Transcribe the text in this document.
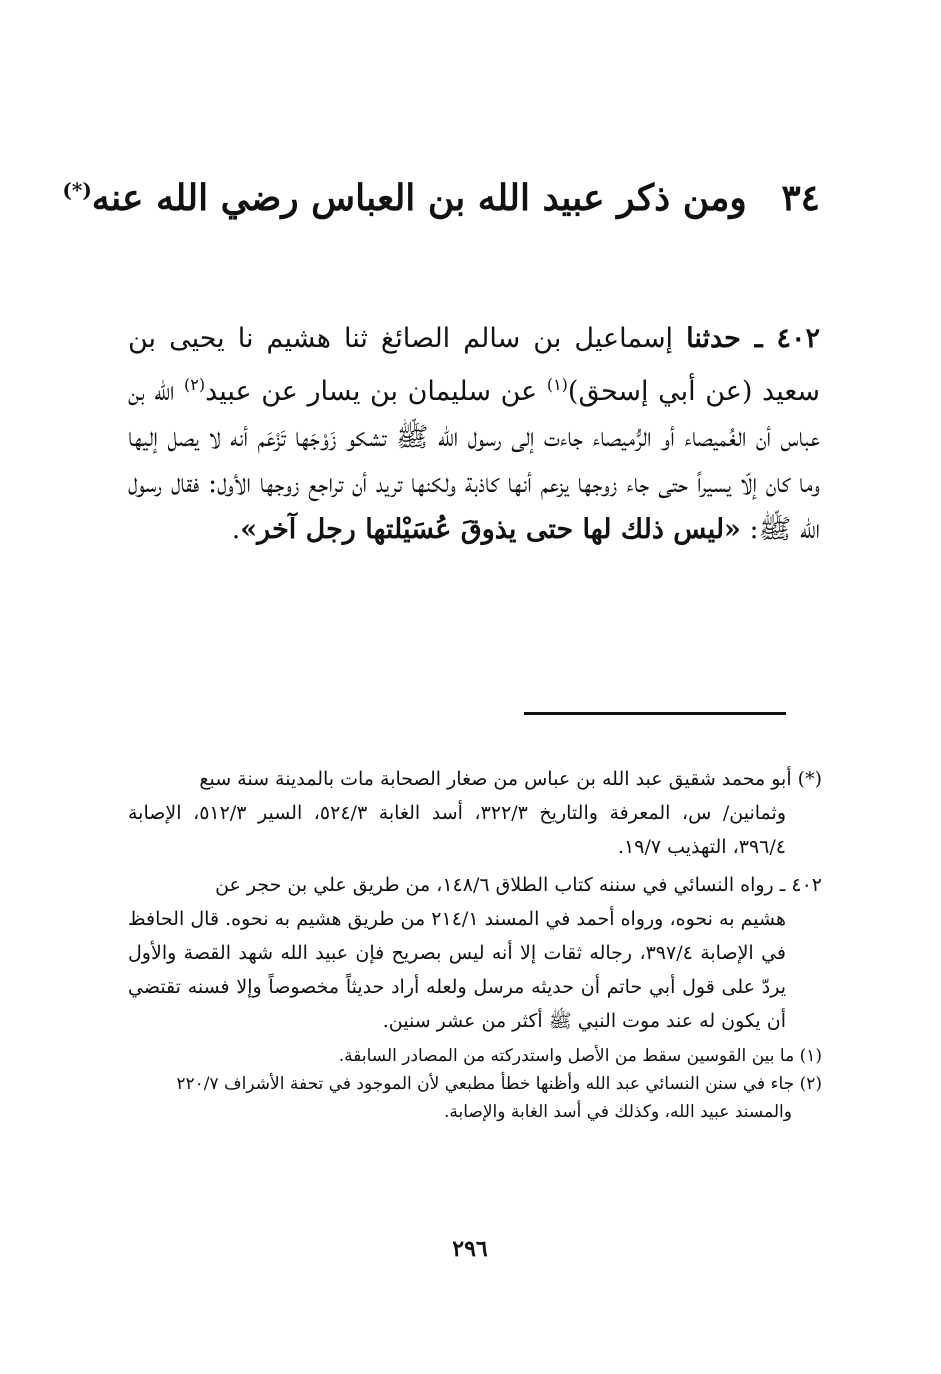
٣٤ ومن ذكر عبيد الله بن العباس رضي الله عنه(*)
٤٠٢ ـ حدثنا إسماعيل بن سالم الصائغ ثنا هشيم نا يحيى بن سعيد (عن أبي إسحق)$^{(١)}$ عن سليمان بن يسار عن عبيد$^{(٢)}$ الله بن عباس أن الغُميصاء أو الرُّميصاء جاءت إلى رسول الله ﷺ تشكو زَوْجَها تَزْعَم أنه لا يصل إليها وما كان إلّا يسيراً حتى جاء زوجها يزعم أنها كاذبة ولكنها تريد أن تراجع زوجها الأول: فقال رسول الله ﷺ: «ليس ذلك لها حتى يذوقَ عُسَيْلتها رجل آخر».

(*) أبو محمد شقيق عبد الله بن عباس من صغار الصحابة مات بالمدينة سنة سبع
وثمانين/ س، المعرفة والتاريخ ٣٢٢/٣، أسد الغابة ٥٢٤/٣، السير ٥١٢/٣، الإصابة ٣٩٦/٤، التهذيب ١٩/٧.

٤٠٢ ـ رواه النسائي في سننه كتاب الطلاق ١٤٨/٦، من طريق علي بن حجر عن
هشيم به نحوه، ورواه أحمد في المسند ٢١٤/١ من طريق هشيم به نحوه. قال الحافظ في الإصابة ٣٩٧/٤، رجاله ثقات إلا أنه ليس بصريح فإن عبيد الله شهد القصة والأول يردّ على قول أبي حاتم أن حديثه مرسل ولعله أراد حديثاً مخصوصاً وإلا فسنه تقتضي أن يكون له عند موت النبي ﷺ أكثر من عشر سنين.

(١) ما بين القوسين سقط من الأصل واستدركته من المصادر السابقة.

(٢) جاء في سنن النسائي عبد الله وأظنها خطأ مطبعي لأن الموجود في تحفة الأشراف ٢٢٠/٧
والمسند عبيد الله، وكذلك في أسد الغابة والإصابة.

٢٩٦
